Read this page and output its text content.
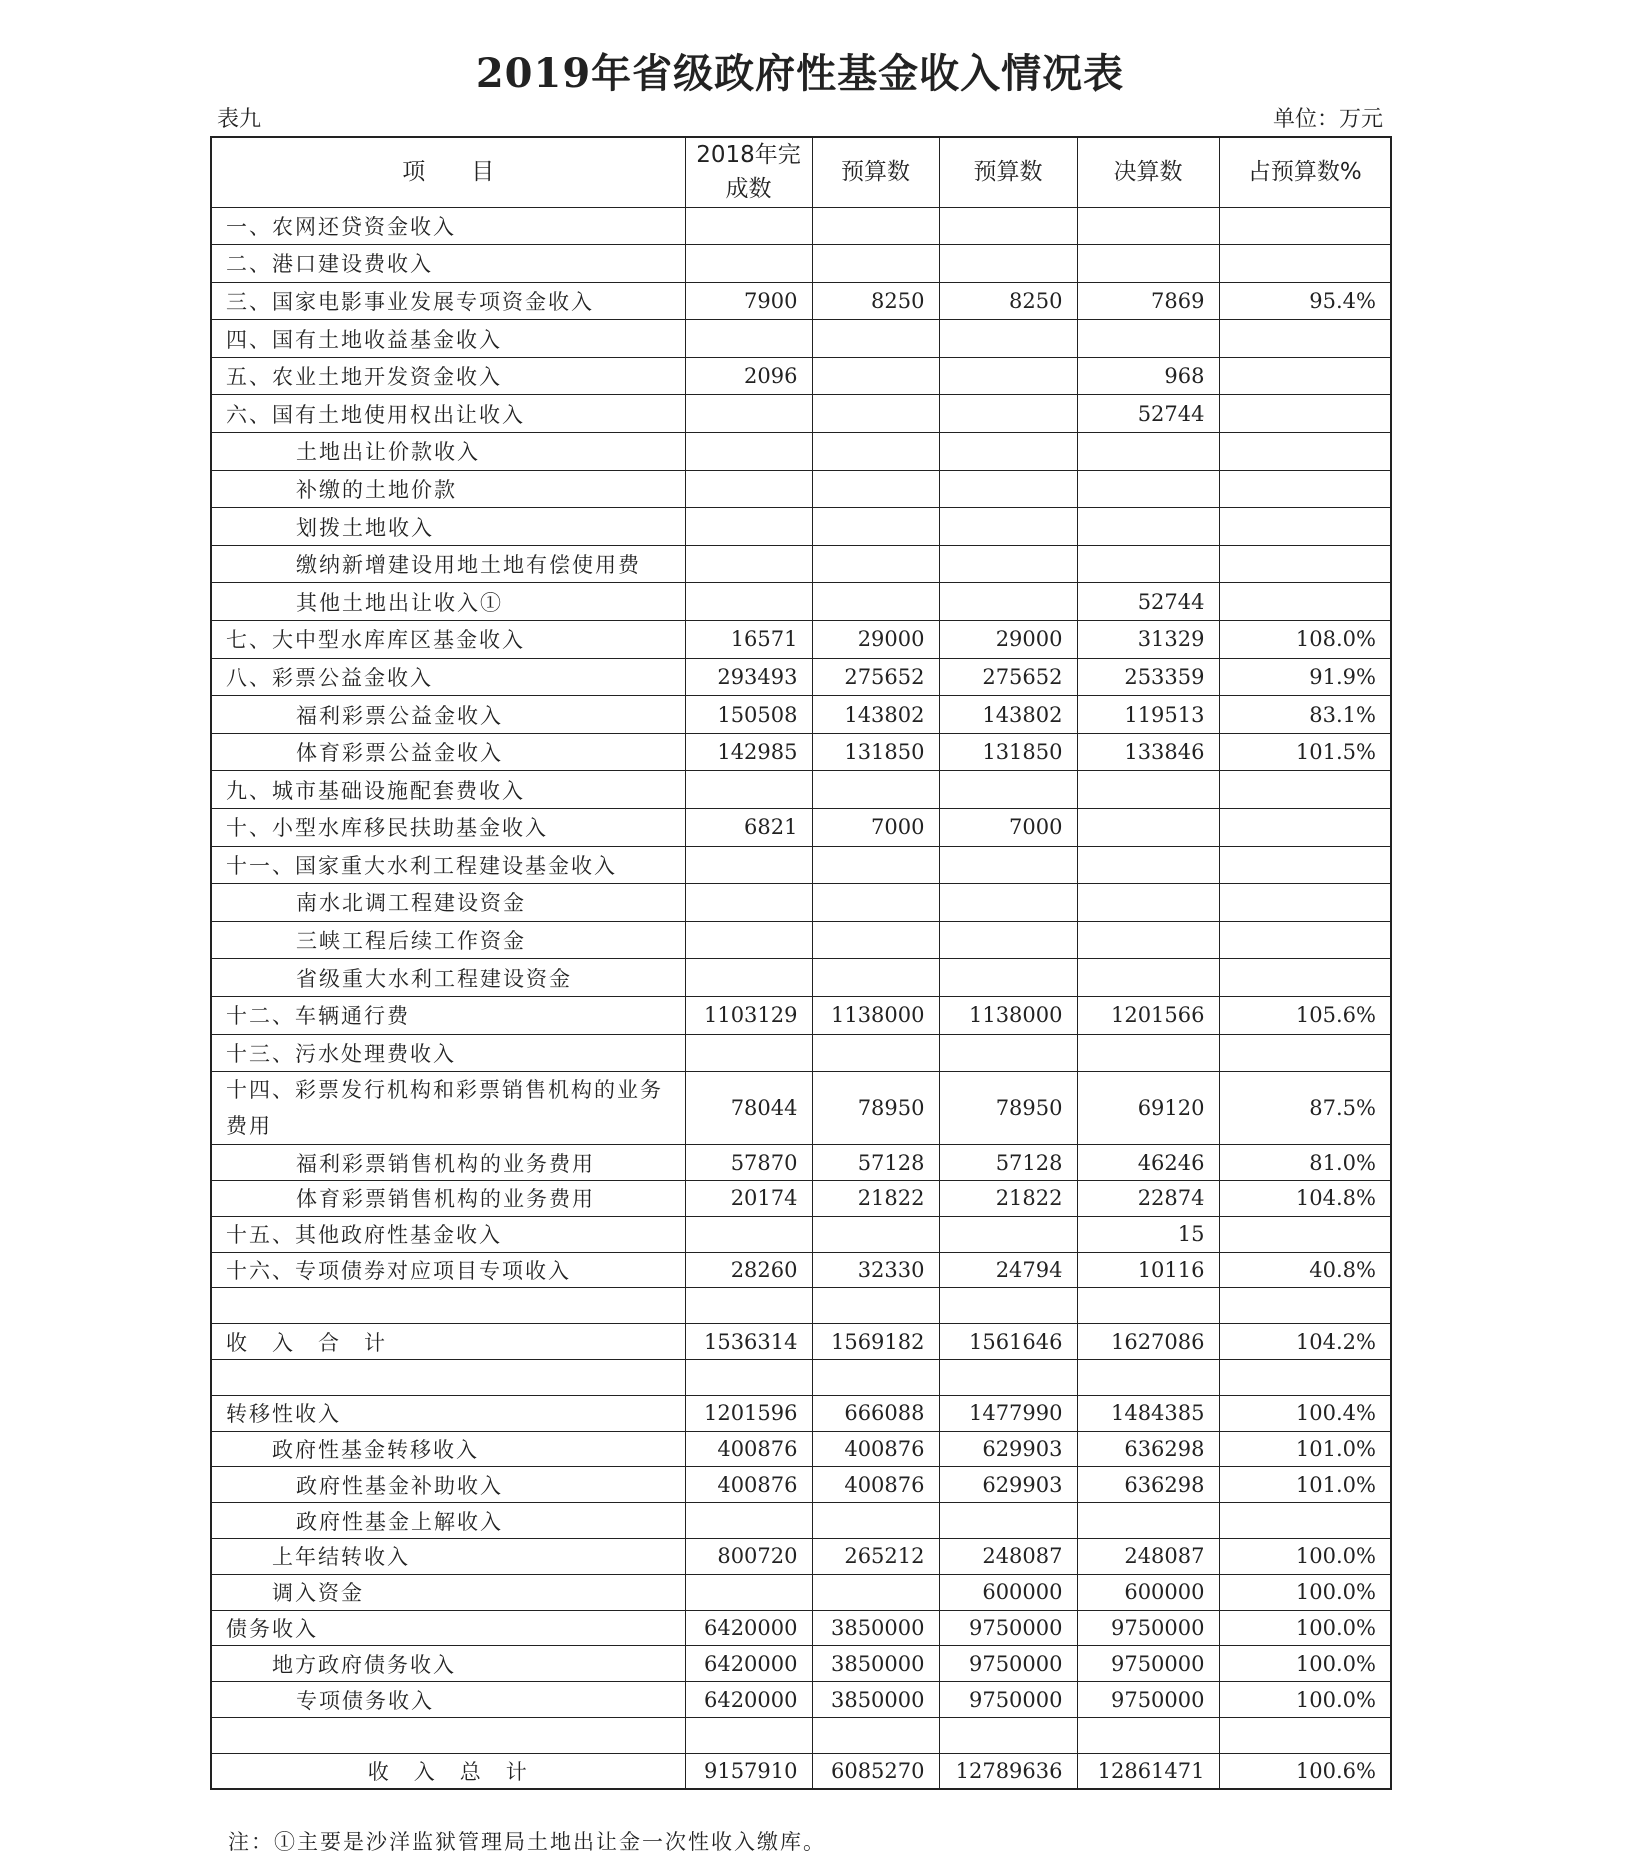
2019年省级政府性基金收入情况表
表九	单位：万元
项　　目	2018年完成数	预算数	预算数	决算数	占预算数%
一、农网还贷资金收入					
二、港口建设费收入					
三、国家电影事业发展专项资金收入	7900	8250	8250	7869	95.4%
四、国有土地收益基金收入					
五、农业土地开发资金收入	2096			968	
六、国有土地使用权出让收入				52744	
土地出让价款收入					
补缴的土地价款					
划拨土地收入					
缴纳新增建设用地土地有偿使用费					
其他土地出让收入①				52744	
七、大中型水库库区基金收入	16571	29000	29000	31329	108.0%
八、彩票公益金收入	293493	275652	275652	253359	91.9%
福利彩票公益金收入	150508	143802	143802	119513	83.1%
体育彩票公益金收入	142985	131850	131850	133846	101.5%
九、城市基础设施配套费收入					
十、小型水库移民扶助基金收入	6821	7000	7000		
十一、国家重大水利工程建设基金收入					
南水北调工程建设资金					
三峡工程后续工作资金					
省级重大水利工程建设资金					
十二、车辆通行费	1103129	1138000	1138000	1201566	105.6%
十三、污水处理费收入					
十四、彩票发行机构和彩票销售机构的业务费用	78044	78950	78950	69120	87.5%
福利彩票销售机构的业务费用	57870	57128	57128	46246	81.0%
体育彩票销售机构的业务费用	20174	21822	21822	22874	104.8%
十五、其他政府性基金收入				15	
十六、专项债券对应项目专项收入	28260	32330	24794	10116	40.8%

收　入　合　计	1536314	1569182	1561646	1627086	104.2%

转移性收入	1201596	666088	1477990	1484385	100.4%
政府性基金转移收入	400876	400876	629903	636298	101.0%
政府性基金补助收入	400876	400876	629903	636298	101.0%
政府性基金上解收入					
上年结转收入	800720	265212	248087	248087	100.0%
调入资金			600000	600000	100.0%
债务收入	6420000	3850000	9750000	9750000	100.0%
地方政府债务收入	6420000	3850000	9750000	9750000	100.0%
专项债务收入	6420000	3850000	9750000	9750000	100.0%

收　入　总　计	9157910	6085270	12789636	12861471	100.6%
注：①主要是沙洋监狱管理局土地出让金一次性收入缴库。
